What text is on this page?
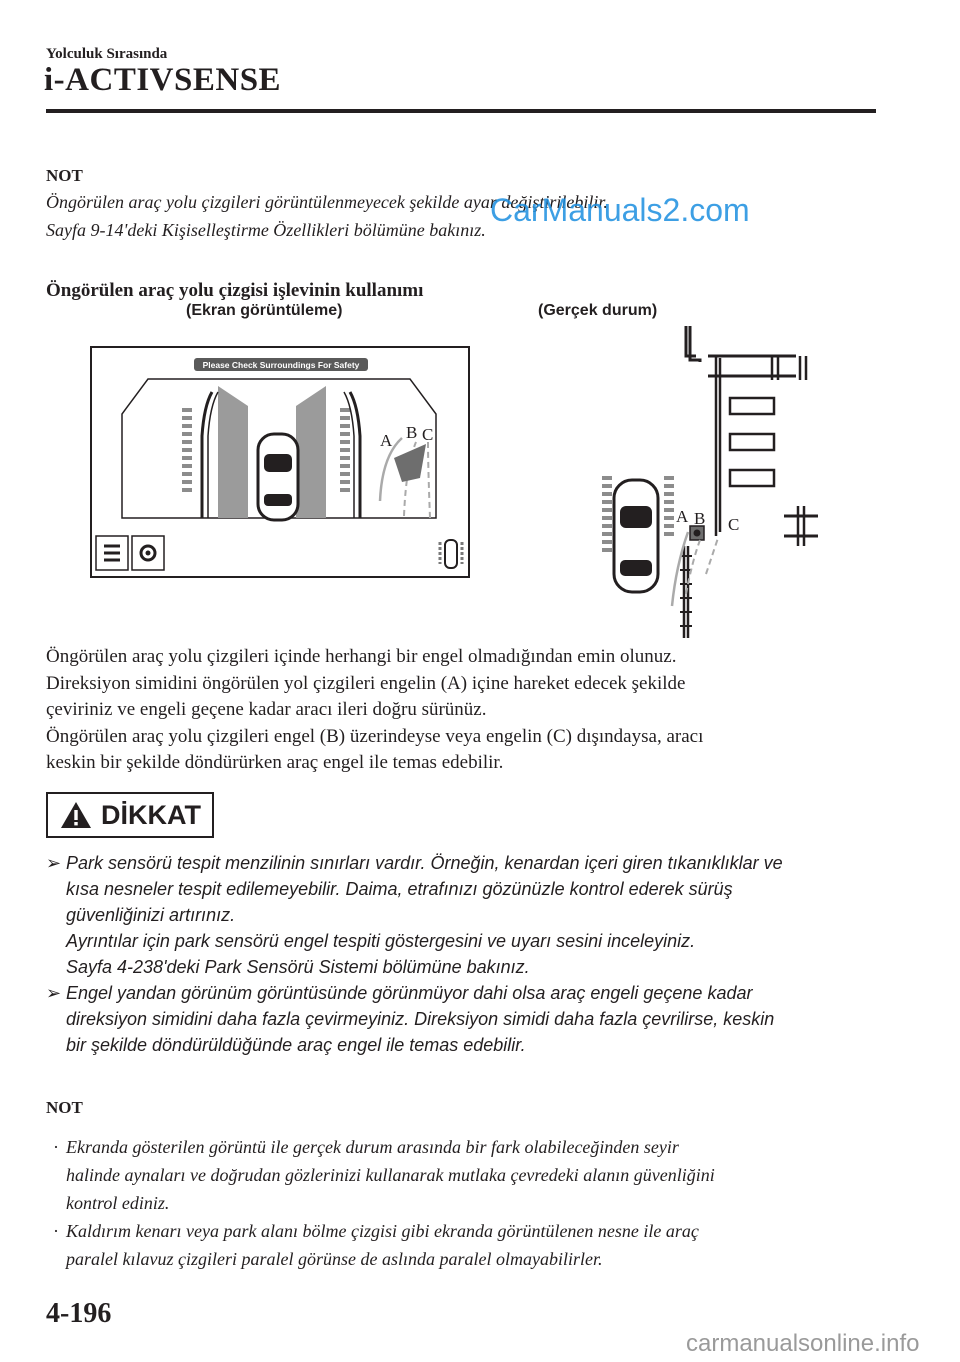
Yolculuk Sırasında
i-ACTIVSENSE
NOT
Öngörülen araç yolu çizgileri görüntülenmeyecek şekilde ayar değiştirilebilir.
Sayfa 9-14'deki Kişiselleştirme Özellikleri bölümüne bakınız.
CarManuals2.com
Öngörülen araç yolu çizgisi işlevinin kullanımı
(Ekran görüntüleme)	(Gerçek durum)
Please Check Surroundings For Safety
A B C
A B C

Öngörülen araç yolu çizgileri içinde herhangi bir engel olmadığından emin olunuz.

Direksiyon simidini öngörülen yol çizgileri engelin (A) içine hareket edecek şekilde

çeviriniz ve engeli geçene kadar aracı ileri doğru sürünüz.

Öngörülen araç yolu çizgileri engel (B) üzerindeyse veya engelin (C) dışındaysa, aracı

keskin bir şekilde döndürürken araç engel ile temas edebilir.

DİKKAT
➢ Park sensörü tespit menzilinin sınırları vardır. Örneğin, kenardan içeri giren tıkanıklıklar ve
kısa nesneler tespit edilemeyebilir. Daima, etrafınızı gözünüzle kontrol ederek sürüş
güvenliğinizi artırınız.
Ayrıntılar için park sensörü engel tespiti göstergesini ve uyarı sesini inceleyiniz.
Sayfa 4-238'deki Park Sensörü Sistemi bölümüne bakınız.
➢ Engel yandan görünüm görüntüsünde görünmüyor dahi olsa araç engeli geçene kadar
direksiyon simidini daha fazla çevirmeyiniz. Direksiyon simidi daha fazla çevrilirse, keskin
bir şekilde döndürüldüğünde araç engel ile temas edebilir.
NOT
· Ekranda gösterilen görüntü ile gerçek durum arasında bir fark olabileceğinden seyir
halinde aynaları ve doğrudan gözlerinizi kullanarak mutlaka çevredeki alanın güvenliğini
kontrol ediniz.
· Kaldırım kenarı veya park alanı bölme çizgisi gibi ekranda görüntülenen nesne ile araç
paralel kılavuz çizgileri paralel görünse de aslında paralel olmayabilirler.
4-196
carmanualsonline.info
